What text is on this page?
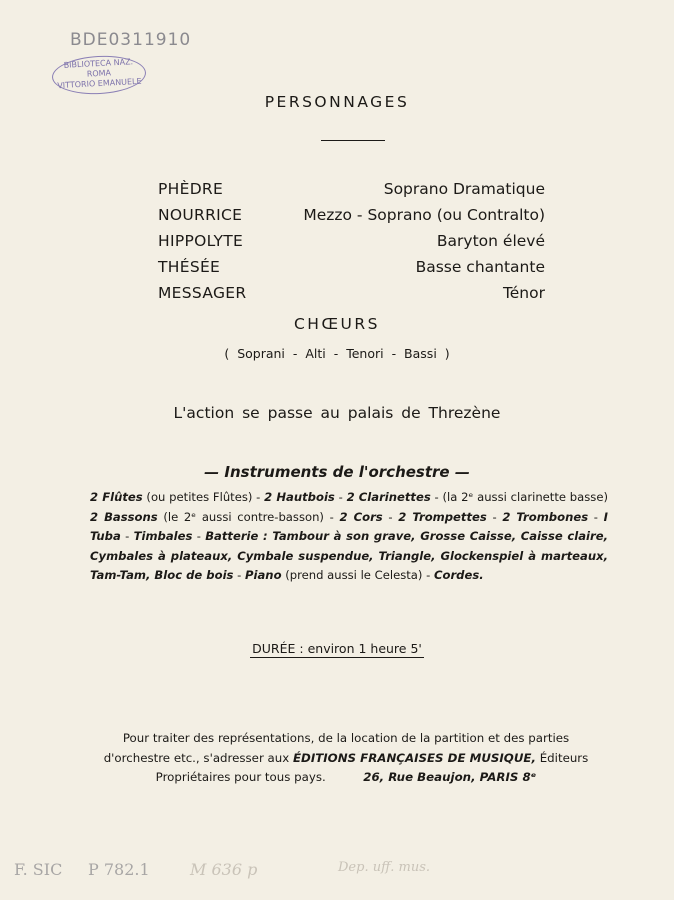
BDE0311910
BIBLIOTECA NAZ.
ROMA
VITTORIO EMANUELE
PERSONNAGES
PHÈDRE	Soprano Dramatique
NOURRICE	Mezzo - Soprano (ou Contralto)
HIPPOLYTE	Baryton élevé
THÉSÉE	Basse chantante
MESSAGER	Ténor
CHŒURS
( Soprani - Alti - Tenori - Bassi )
L'action se passe au palais de Threzène
— Instruments de l'orchestre —
2 Flûtes (ou petites Flûtes) - 2 Hautbois - 2 Clarinettes - (la 2ᵉ aussi clarinette basse) 2 Bassons (le 2ᵉ aussi contre-basson) - 2 Cors - 2 Trompettes - 2 Trombones - I Tuba - Timbales - Batterie : Tambour à son grave, Grosse Caisse, Caisse claire, Cymbales à plateaux, Cymbale suspendue, Triangle, Glockenspiel à marteaux, Tam-Tam, Bloc de bois - Piano (prend aussi le Celesta) - Cordes.
DURÉE : environ 1 heure 5'
Pour traiter des représentations, de la location de la partition et des parties d'orchestre etc., s'adresser aux ÉDITIONS FRANÇAISES DE MUSIQUE, Éditeurs Propriétaires pour tous pays.	26, Rue Beaujon, PARIS 8ᵉ
F. SIC P 782.1	M 636 p	Dep. uff. mus.
